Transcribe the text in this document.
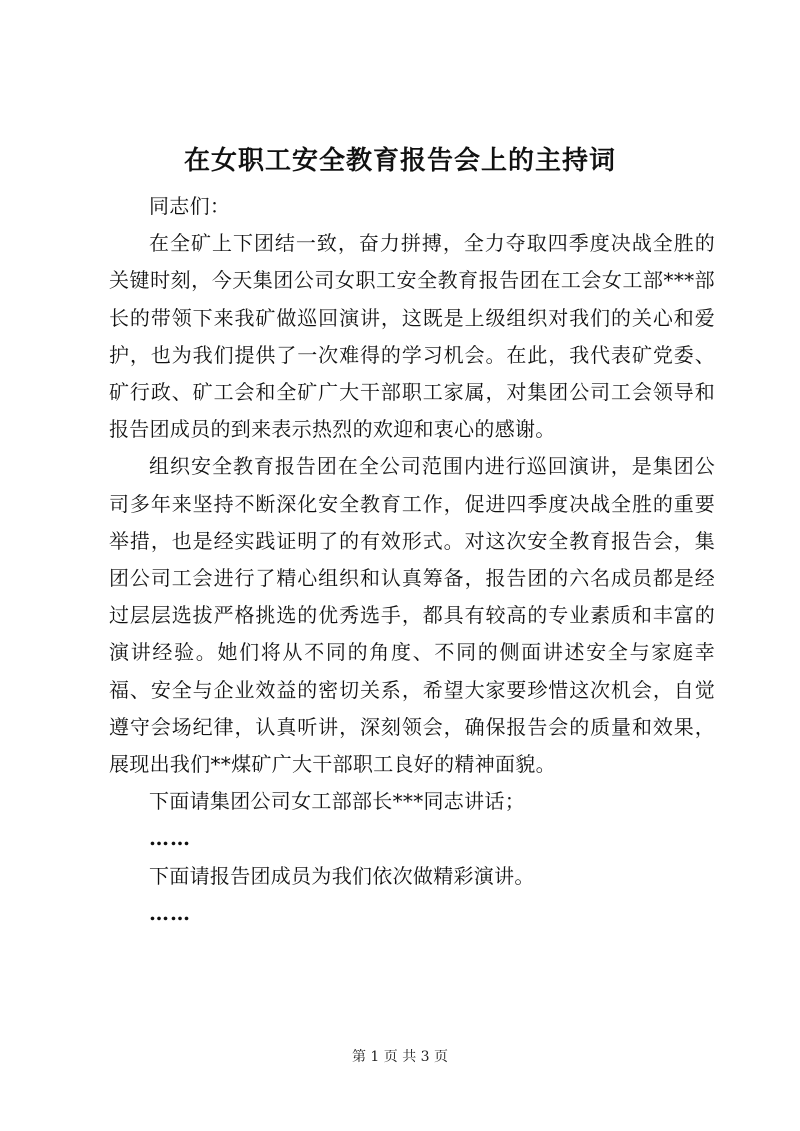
在女职工安全教育报告会上的主持词

同志们：

在全矿上下团结一致，奋力拼搏，全力夺取四季度决战全胜的关键时刻，今天集团公司女职工安全教育报告团在工会女工部***部长的带领下来我矿做巡回演讲，这既是上级组织对我们的关心和爱护，也为我们提供了一次难得的学习机会。在此，我代表矿党委、矿行政、矿工会和全矿广大干部职工家属，对集团公司工会领导和报告团成员的到来表示热烈的欢迎和衷心的感谢。

组织安全教育报告团在全公司范围内进行巡回演讲，是集团公司多年来坚持不断深化安全教育工作，促进四季度决战全胜的重要举措，也是经实践证明了的有效形式。对这次安全教育报告会，集团公司工会进行了精心组织和认真筹备，报告团的六名成员都是经过层层选拔严格挑选的优秀选手，都具有较高的专业素质和丰富的演讲经验。她们将从不同的角度、不同的侧面讲述安全与家庭幸福、安全与企业效益的密切关系，希望大家要珍惜这次机会，自觉遵守会场纪律，认真听讲，深刻领会，确保报告会的质量和效果，展现出我们**煤矿广大干部职工良好的精神面貌。

下面请集团公司女工部部长***同志讲话；

……

下面请报告团成员为我们依次做精彩演讲。

……

第 1 页 共 3 页
